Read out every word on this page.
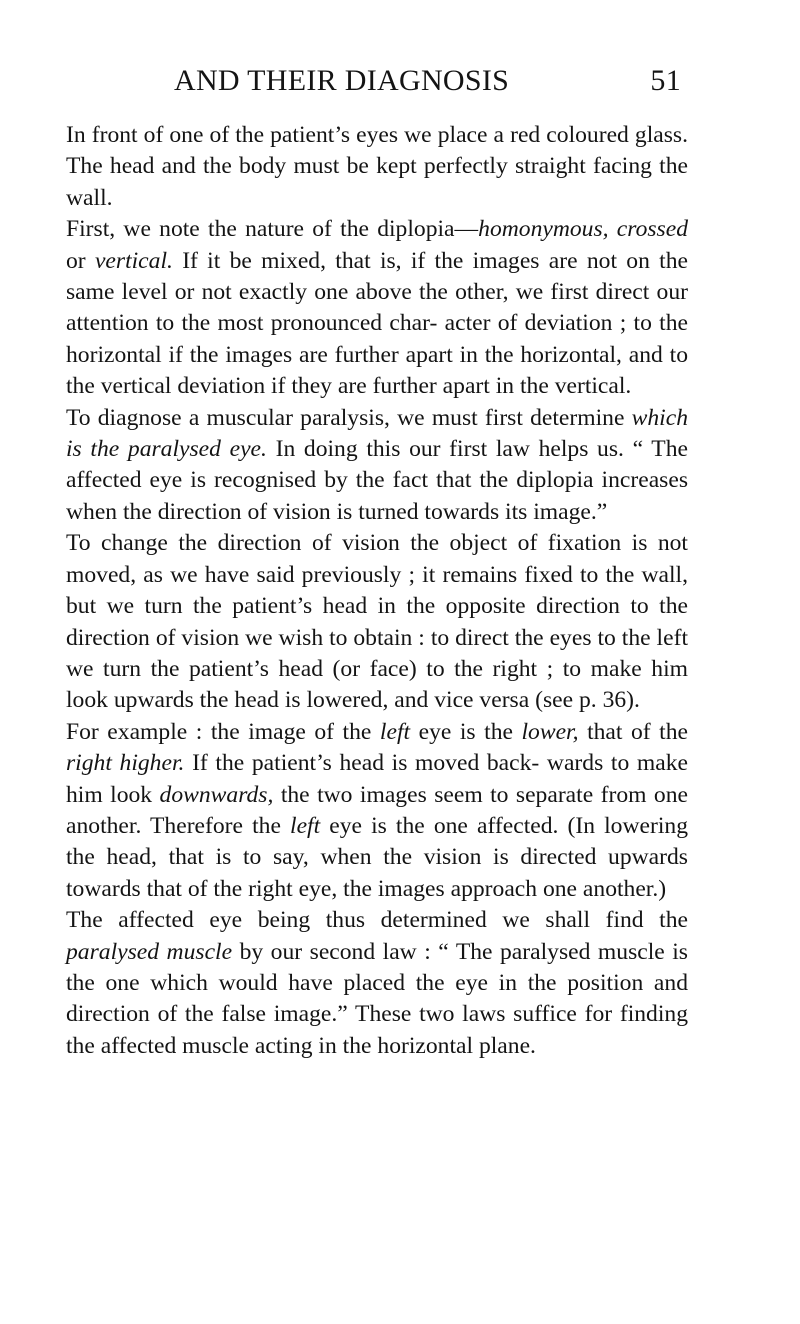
AND THEIR DIAGNOSIS	51

In front of one of the patient’s eyes we place a red coloured glass. The head and the body must be kept perfectly straight facing the wall.

First, we note the nature of the diplopia—homonymous, crossed or vertical. If it be mixed, that is, if the images are not on the same level or not exactly one above the other, we first direct our attention to the most pronounced char- acter of deviation ; to the horizontal if the images are further apart in the horizontal, and to the vertical deviation if they are further apart in the vertical.

To diagnose a muscular paralysis, we must first determine which is the paralysed eye. In doing this our first law helps us. “ The affected eye is recognised by the fact that the diplopia increases when the direction of vision is turned towards its image.”

To change the direction of vision the object of fixation is not moved, as we have said previously ; it remains fixed to the wall, but we turn the patient’s head in the opposite direction to the direction of vision we wish to obtain : to direct the eyes to the left we turn the patient’s head (or face) to the right ; to make him look upwards the head is lowered, and vice versa (see p. 36).

For example : the image of the left eye is the lower, that of the right higher. If the patient’s head is moved back- wards to make him look downwards, the two images seem to separate from one another. Therefore the left eye is the one affected. (In lowering the head, that is to say, when the vision is directed upwards towards that of the right eye, the images approach one another.)

The affected eye being thus determined we shall find the paralysed muscle by our second law : “ The paralysed muscle is the one which would have placed the eye in the position and direction of the false image.” These two laws suffice for finding the affected muscle acting in the horizontal plane.
